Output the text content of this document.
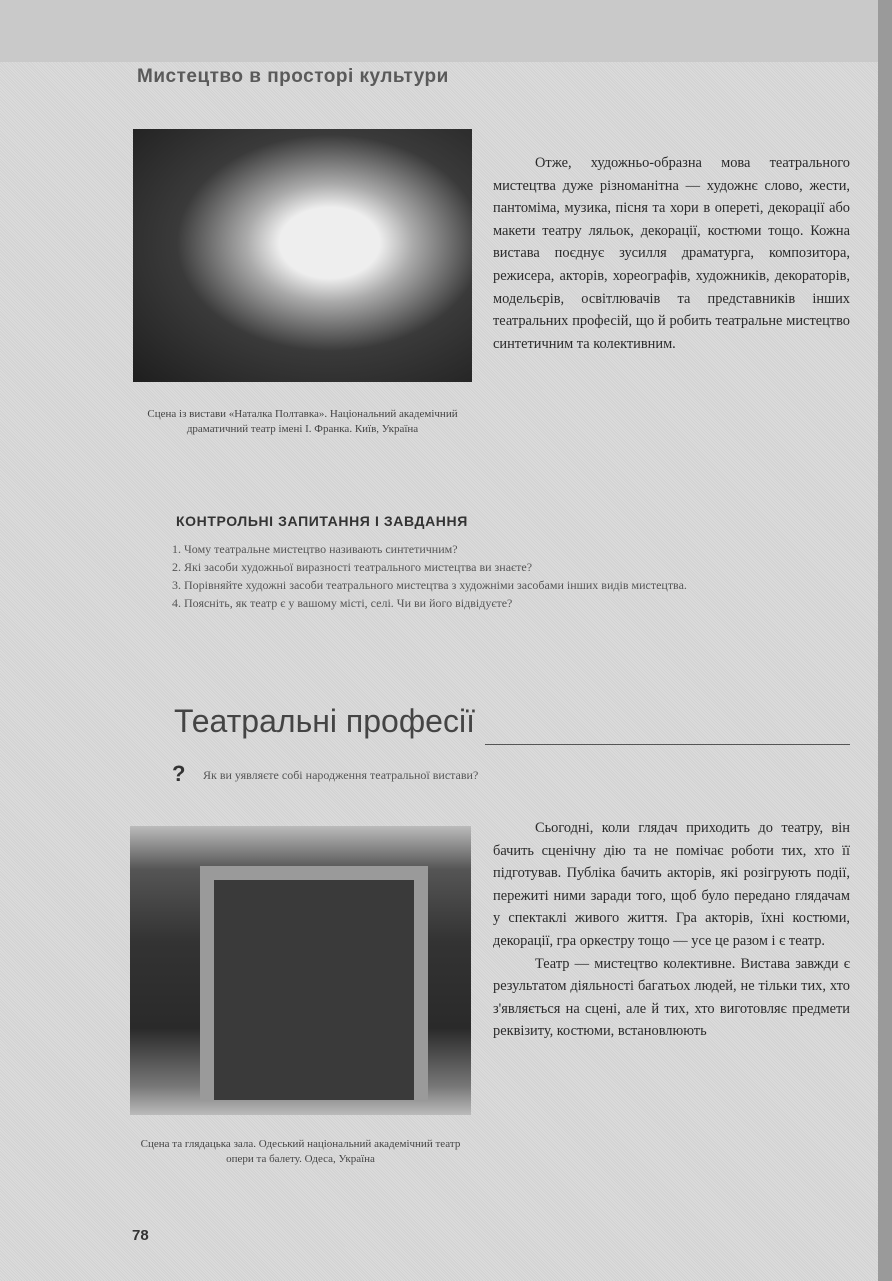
Мистецтво в просторі культури
Сцена із вистави «Наталка Полтавка». Національний академічний драматичний театр імені І. Франка. Київ, Україна

Отже, художньо-образна мова театрального мистецтва дуже різноманітна — художнє слово, жести, пантоміма, музика, пісня та хори в опереті, декорації або макети театру ляльок, декорації, костюми тощо. Кожна вистава поєднує зусилля драматурга, композитора, режисера, акторів, хореографів, художників, декораторів, модельєрів, освітлювачів та представників інших театральних професій, що й робить театральне мистецтво синтетичним та колективним.

КОНТРОЛЬНІ ЗАПИТАННЯ І ЗАВДАННЯ
1. Чому театральне мистецтво називають синтетичним?
2. Які засоби художньої виразності театрального мистецтва ви знаєте?
3. Порівняйте художні засоби театрального мистецтва з художніми засобами інших видів мистецтва.
4. Поясніть, як театр є у вашому місті, селі. Чи ви його відвідуєте?
Театральні професії
? Як ви уявляєте собі народження театральної вистави?
Сцена та глядацька зала. Одеський національний академічний театр опери та балету. Одеса, Україна

Сьогодні, коли глядач приходить до театру, він бачить сценічну дію та не помічає роботи тих, хто її підготував. Публіка бачить акторів, які розігрують події, пережиті ними заради того, щоб було передано глядачам у спектаклі живого життя. Гра акторів, їхні костюми, декорації, гра оркестру тощо — усе це разом і є театр.

Театр — мистецтво колективне. Вистава завжди є результатом діяльності багатьох людей, не тільки тих, хто з'являється на сцені, але й тих, хто виготовляє предмети реквізиту, костюми, встановлюють

78
